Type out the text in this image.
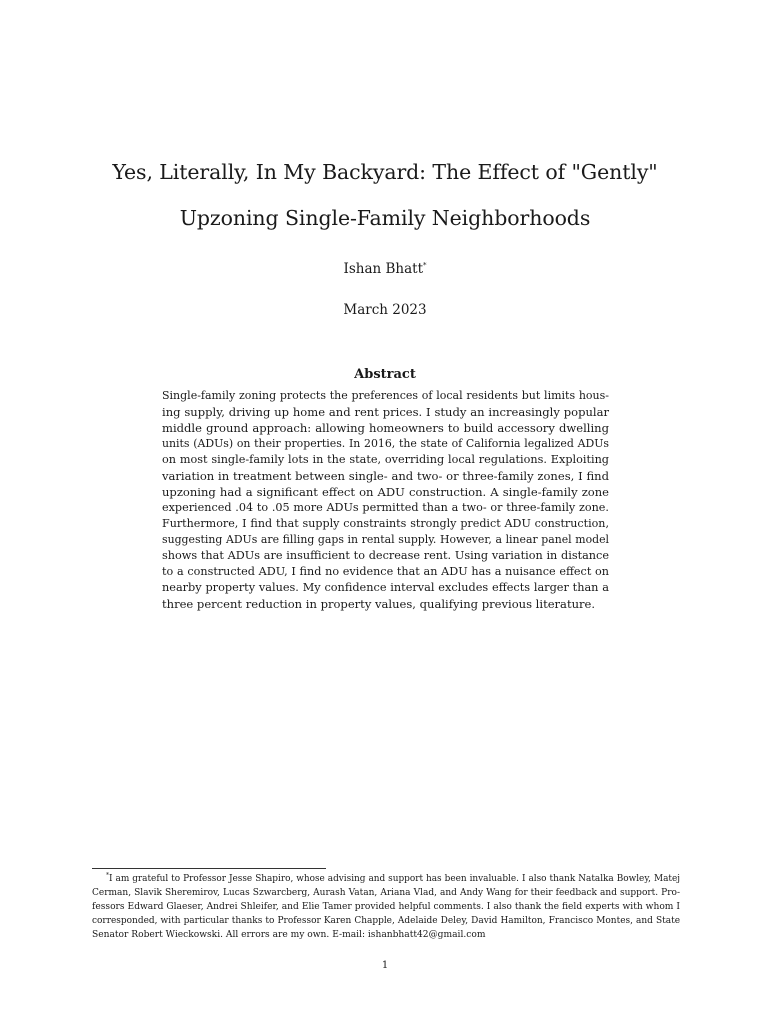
Yes, Literally, In My Backyard: The Effect of "Gently"
Upzoning Single-Family Neighborhoods
Ishan Bhatt*
March 2023
Abstract
Single-family zoning protects the preferences of local residents but limits hous-
ing supply, driving up home and rent prices. I study an increasingly popular
middle ground approach: allowing homeowners to build accessory dwelling
units (ADUs) on their properties. In 2016, the state of California legalized ADUs
on most single-family lots in the state, overriding local regulations. Exploiting
variation in treatment between single- and two- or three-family zones, I find
upzoning had a significant effect on ADU construction. A single-family zone
experienced .04 to .05 more ADUs permitted than a two- or three-family zone.
Furthermore, I find that supply constraints strongly predict ADU construction,
suggesting ADUs are filling gaps in rental supply. However, a linear panel model
shows that ADUs are insufficient to decrease rent. Using variation in distance
to a constructed ADU, I find no evidence that an ADU has a nuisance effect on
nearby property values. My confidence interval excludes effects larger than a
three percent reduction in property values, qualifying previous literature.
*I am grateful to Professor Jesse Shapiro, whose advising and support has been invaluable. I also thank Natalka Bowley, Matej
Cerman, Slavik Sheremirov, Lucas Szwarcberg, Aurash Vatan, Ariana Vlad, and Andy Wang for their feedback and support. Pro-
fessors Edward Glaeser, Andrei Shleifer, and Elie Tamer provided helpful comments. I also thank the field experts with whom I
corresponded, with particular thanks to Professor Karen Chapple, Adelaide Deley, David Hamilton, Francisco Montes, and State
Senator Robert Wieckowski. All errors are my own. E-mail: ishanbhatt42@gmail.com
1
